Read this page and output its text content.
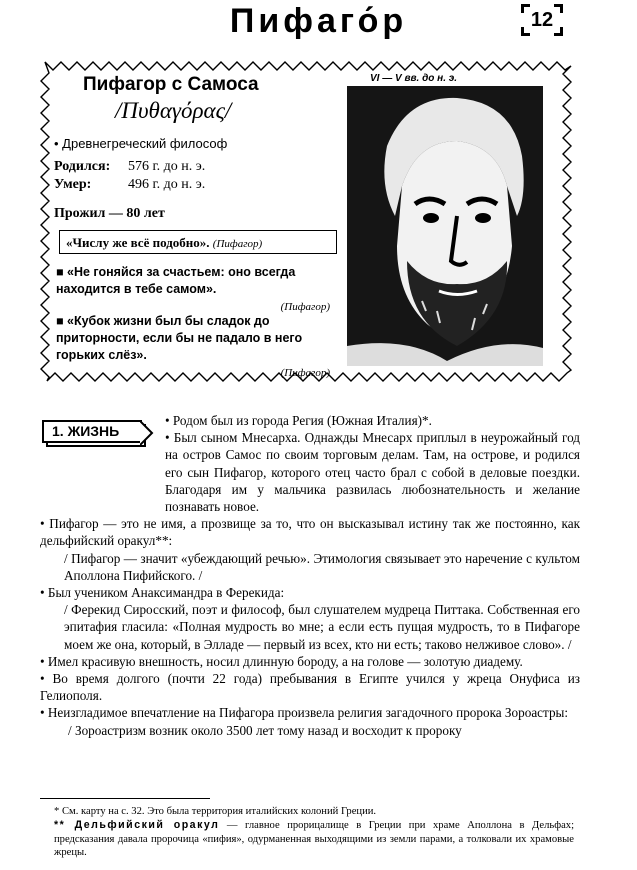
Пифаго́р	12
Пифагор с Самоса
/Πυθαγόρας/
VI — V вв. до н. э.
• Древнегреческий философ
Родился:	576 г. до н. э.
Умер:	496 г. до н. э.
Прожил — 80 лет
«Числу же всё подобно». (Пифагор)
■ «Не гоняйся за счастьем: оно всегда находится в тебе самом».
(Пифагор)
■ «Кубок жизни был бы сладок до приторности, если бы не падало в него горьких слёз».
(Пифагор)
1. ЖИЗНЬ

• Родом был из города Регия (Южная Италия)*.

• Был сыном Мнесарха. Однажды Мнесарх приплыл в неурожайный год на остров Самос по своим торговым делам. Там, на острове, и родился его сын Пифагор, которого отец часто брал с собой в деловые поездки. Благодаря им у мальчика развилась любознательность и желание познавать новое.

• Пифагор — это не имя, а прозвище за то, что он высказывал истину так же постоянно, как дельфийский оракул**:

/ Пифагор — значит «убеждающий речью». Этимология связывает это наречение с культом Аполлона Пифийского. /

• Был учеником Анаксимандра в Ферекида:

/ Ферекид Сиросский, поэт и философ, был слушателем мудреца Питтака. Собственная его эпитафия гласила: «Полная мудрость во мне; а если есть пущая мудрость, то в Пифагоре моем же она, который, в Элладе — первый из всех, кто ни есть; таково нелживое слово». /

• Имел красивую внешность, носил длинную бороду, а на голове — золотую диадему.

• Во время долгого (почти 22 года) пребывания в Египте учился у жреца Онуфиса из Гелиополя.

• Неизгладимое впечатление на Пифагора произвела религия загадочного пророка Зороастры:

/ Зороастризм возник около 3500 лет тому назад и восходит к пророку

* См. карту на с. 32. Это была территория италийских колоний Греции.
** Дельфийский оракул — главное прорицалище в Греции при храме Аполлона в Дельфах; предсказания давала пророчица «пифия», одурманенная выходящими из земли парами, а толковали их храмовые жрецы.
